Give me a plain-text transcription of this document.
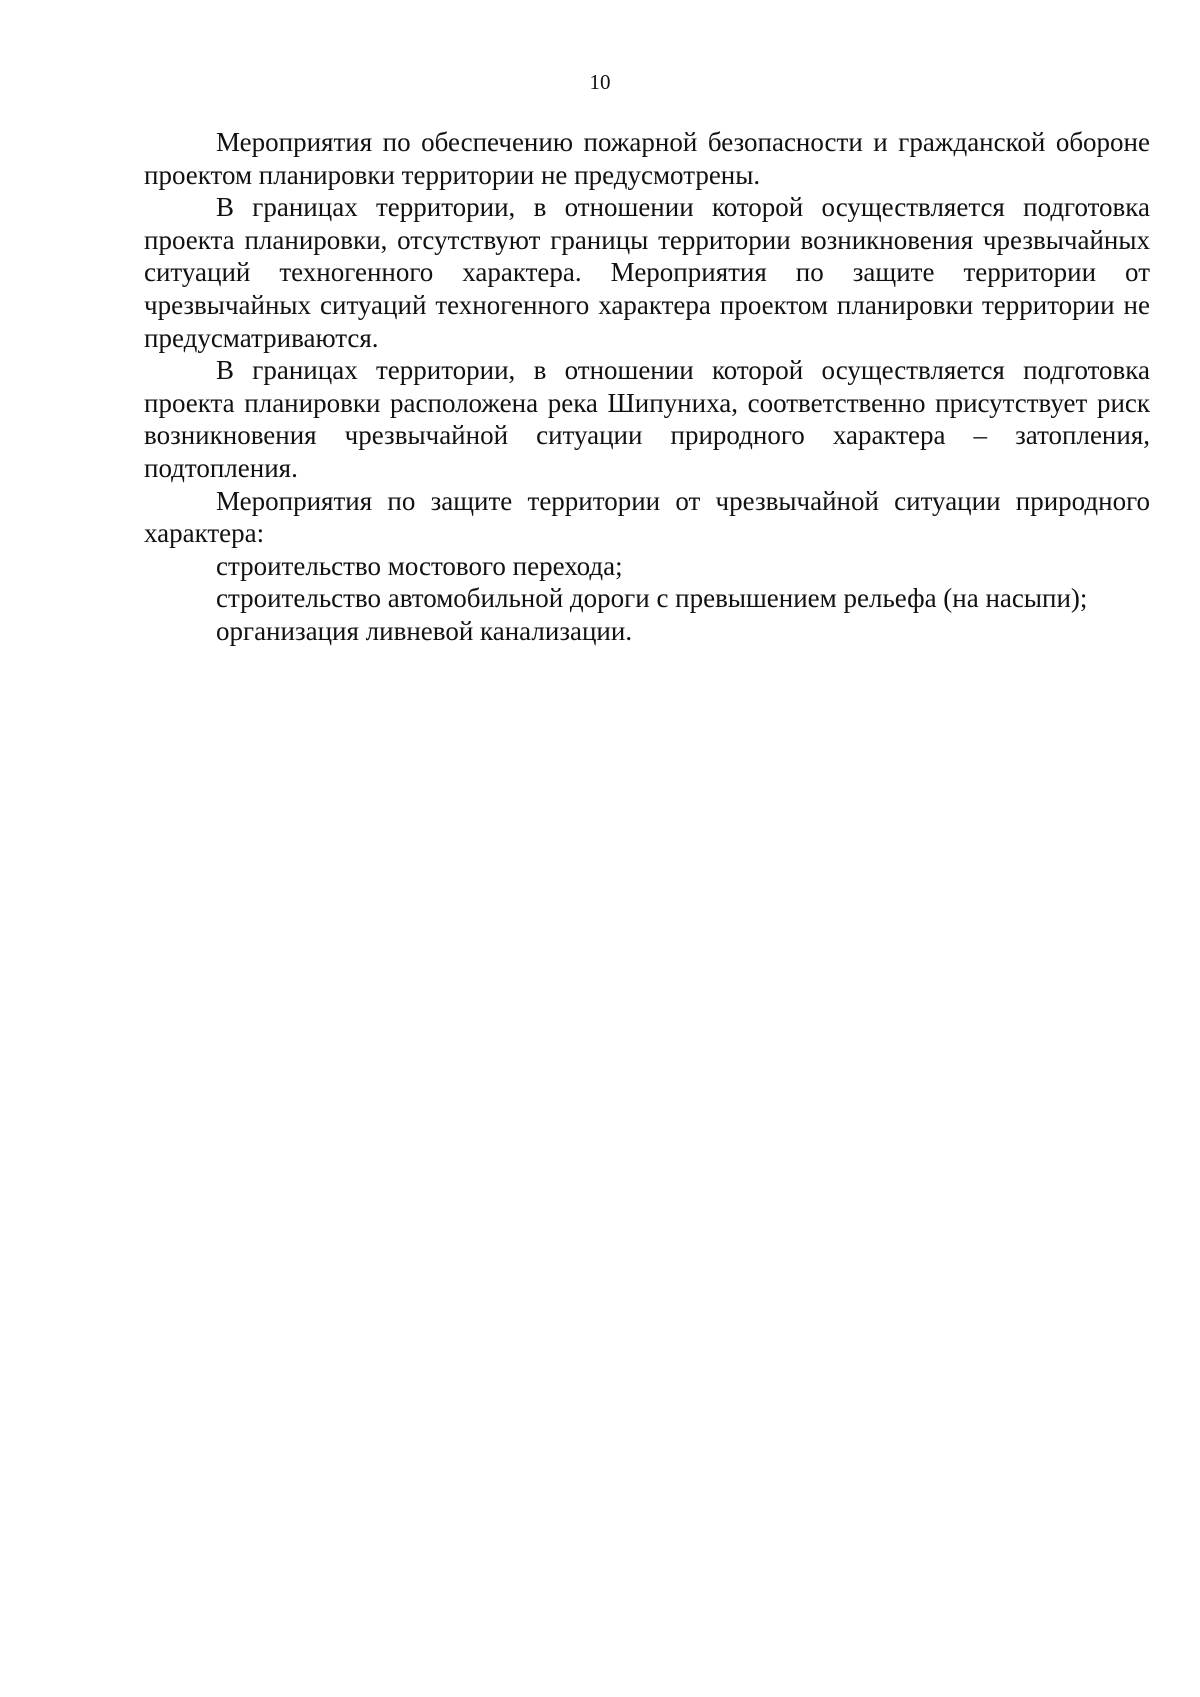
10

Мероприятия по обеспечению пожарной безопасности и гражданской обороне проектом планировки территории не предусмотрены.

В границах территории, в отношении которой осуществляется подготовка проекта планировки, отсутствуют границы территории возникновения чрезвычайных ситуаций техногенного характера. Мероприятия по защите территории от чрезвычайных ситуаций техногенного характера проектом планировки территории не предусматриваются.

В границах территории, в отношении которой осуществляется подготовка проекта планировки расположена река Шипуниха, соответственно присутствует риск возникновения чрезвычайной ситуации природного характера – затопления, подтопления.

Мероприятия по защите территории от чрезвычайной ситуации природного характера:

строительство мостового перехода;

строительство автомобильной дороги с превышением рельефа (на насыпи);

организация ливневой канализации.
